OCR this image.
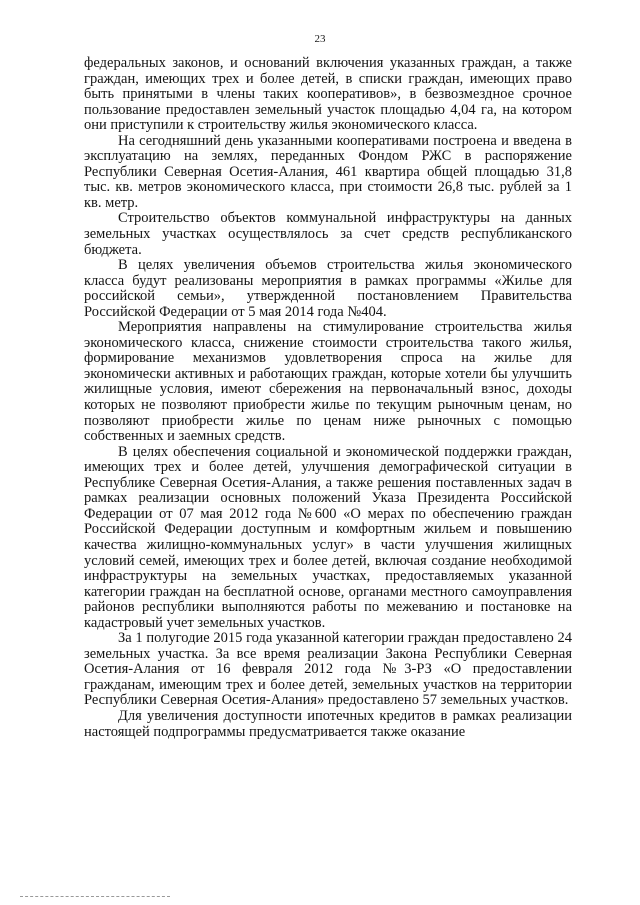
23

федеральных законов, и оснований включения указанных граждан, а также граждан, имеющих трех и более детей, в списки граждан, имеющих право быть принятыми в члены таких кооперативов», в безвозмездное срочное пользование предоставлен земельный участок площадью 4,04 га, на котором они приступили к строительству жилья экономического класса.

На сегодняшний день указанными кооперативами построена и введена в эксплуатацию на землях, переданных Фондом РЖС в распоряжение Республики Северная Осетия-Алания, 461 квартира общей площадью 31,8 тыс. кв. метров экономического класса, при стоимости 26,8 тыс. рублей за 1 кв. метр.

Строительство объектов коммунальной инфраструктуры на данных земельных участках осуществлялось за счет средств республиканского бюджета.

В целях увеличения объемов строительства жилья экономического класса будут реализованы мероприятия в рамках программы «Жилье для российской семьи», утвержденной постановлением Правительства Российской Федерации от 5 мая 2014 года №404.

Мероприятия направлены на стимулирование строительства жилья экономического класса, снижение стоимости строительства такого жилья, формирование механизмов удовлетворения спроса на жилье для экономически активных и работающих граждан, которые хотели бы улучшить жилищные условия, имеют сбережения на первоначальный взнос, доходы которых не позволяют приобрести жилье по текущим рыночным ценам, но позволяют приобрести жилье по ценам ниже рыночных с помощью собственных и заемных средств.

В целях обеспечения социальной и экономической поддержки граждан, имеющих трех и более детей, улучшения демографической ситуации в Республике Северная Осетия-Алания, а также решения поставленных задач в рамках реализации основных положений Указа Президента Российской Федерации от 07 мая 2012 года №600 «О мерах по обеспечению граждан Российской Федерации доступным и комфортным жильем и повышению качества жилищно-коммунальных услуг» в части улучшения жилищных условий семей, имеющих трех и более детей, включая создание необходимой инфраструктуры на земельных участках, предоставляемых указанной категории граждан на бесплатной основе, органами местного самоуправления районов республики выполняются работы по межеванию и постановке на кадастровый учет земельных участков.

За 1 полугодие 2015 года указанной категории граждан предоставлено 24 земельных участка. За все время реализации Закона Республики Северная Осетия-Алания от 16 февраля 2012 года №3-РЗ «О предоставлении гражданам, имеющим трех и более детей, земельных участков на территории Республики Северная Осетия-Алания» предоставлено 57 земельных участков.

Для увеличения доступности ипотечных кредитов в рамках реализации настоящей подпрограммы предусматривается также оказание
